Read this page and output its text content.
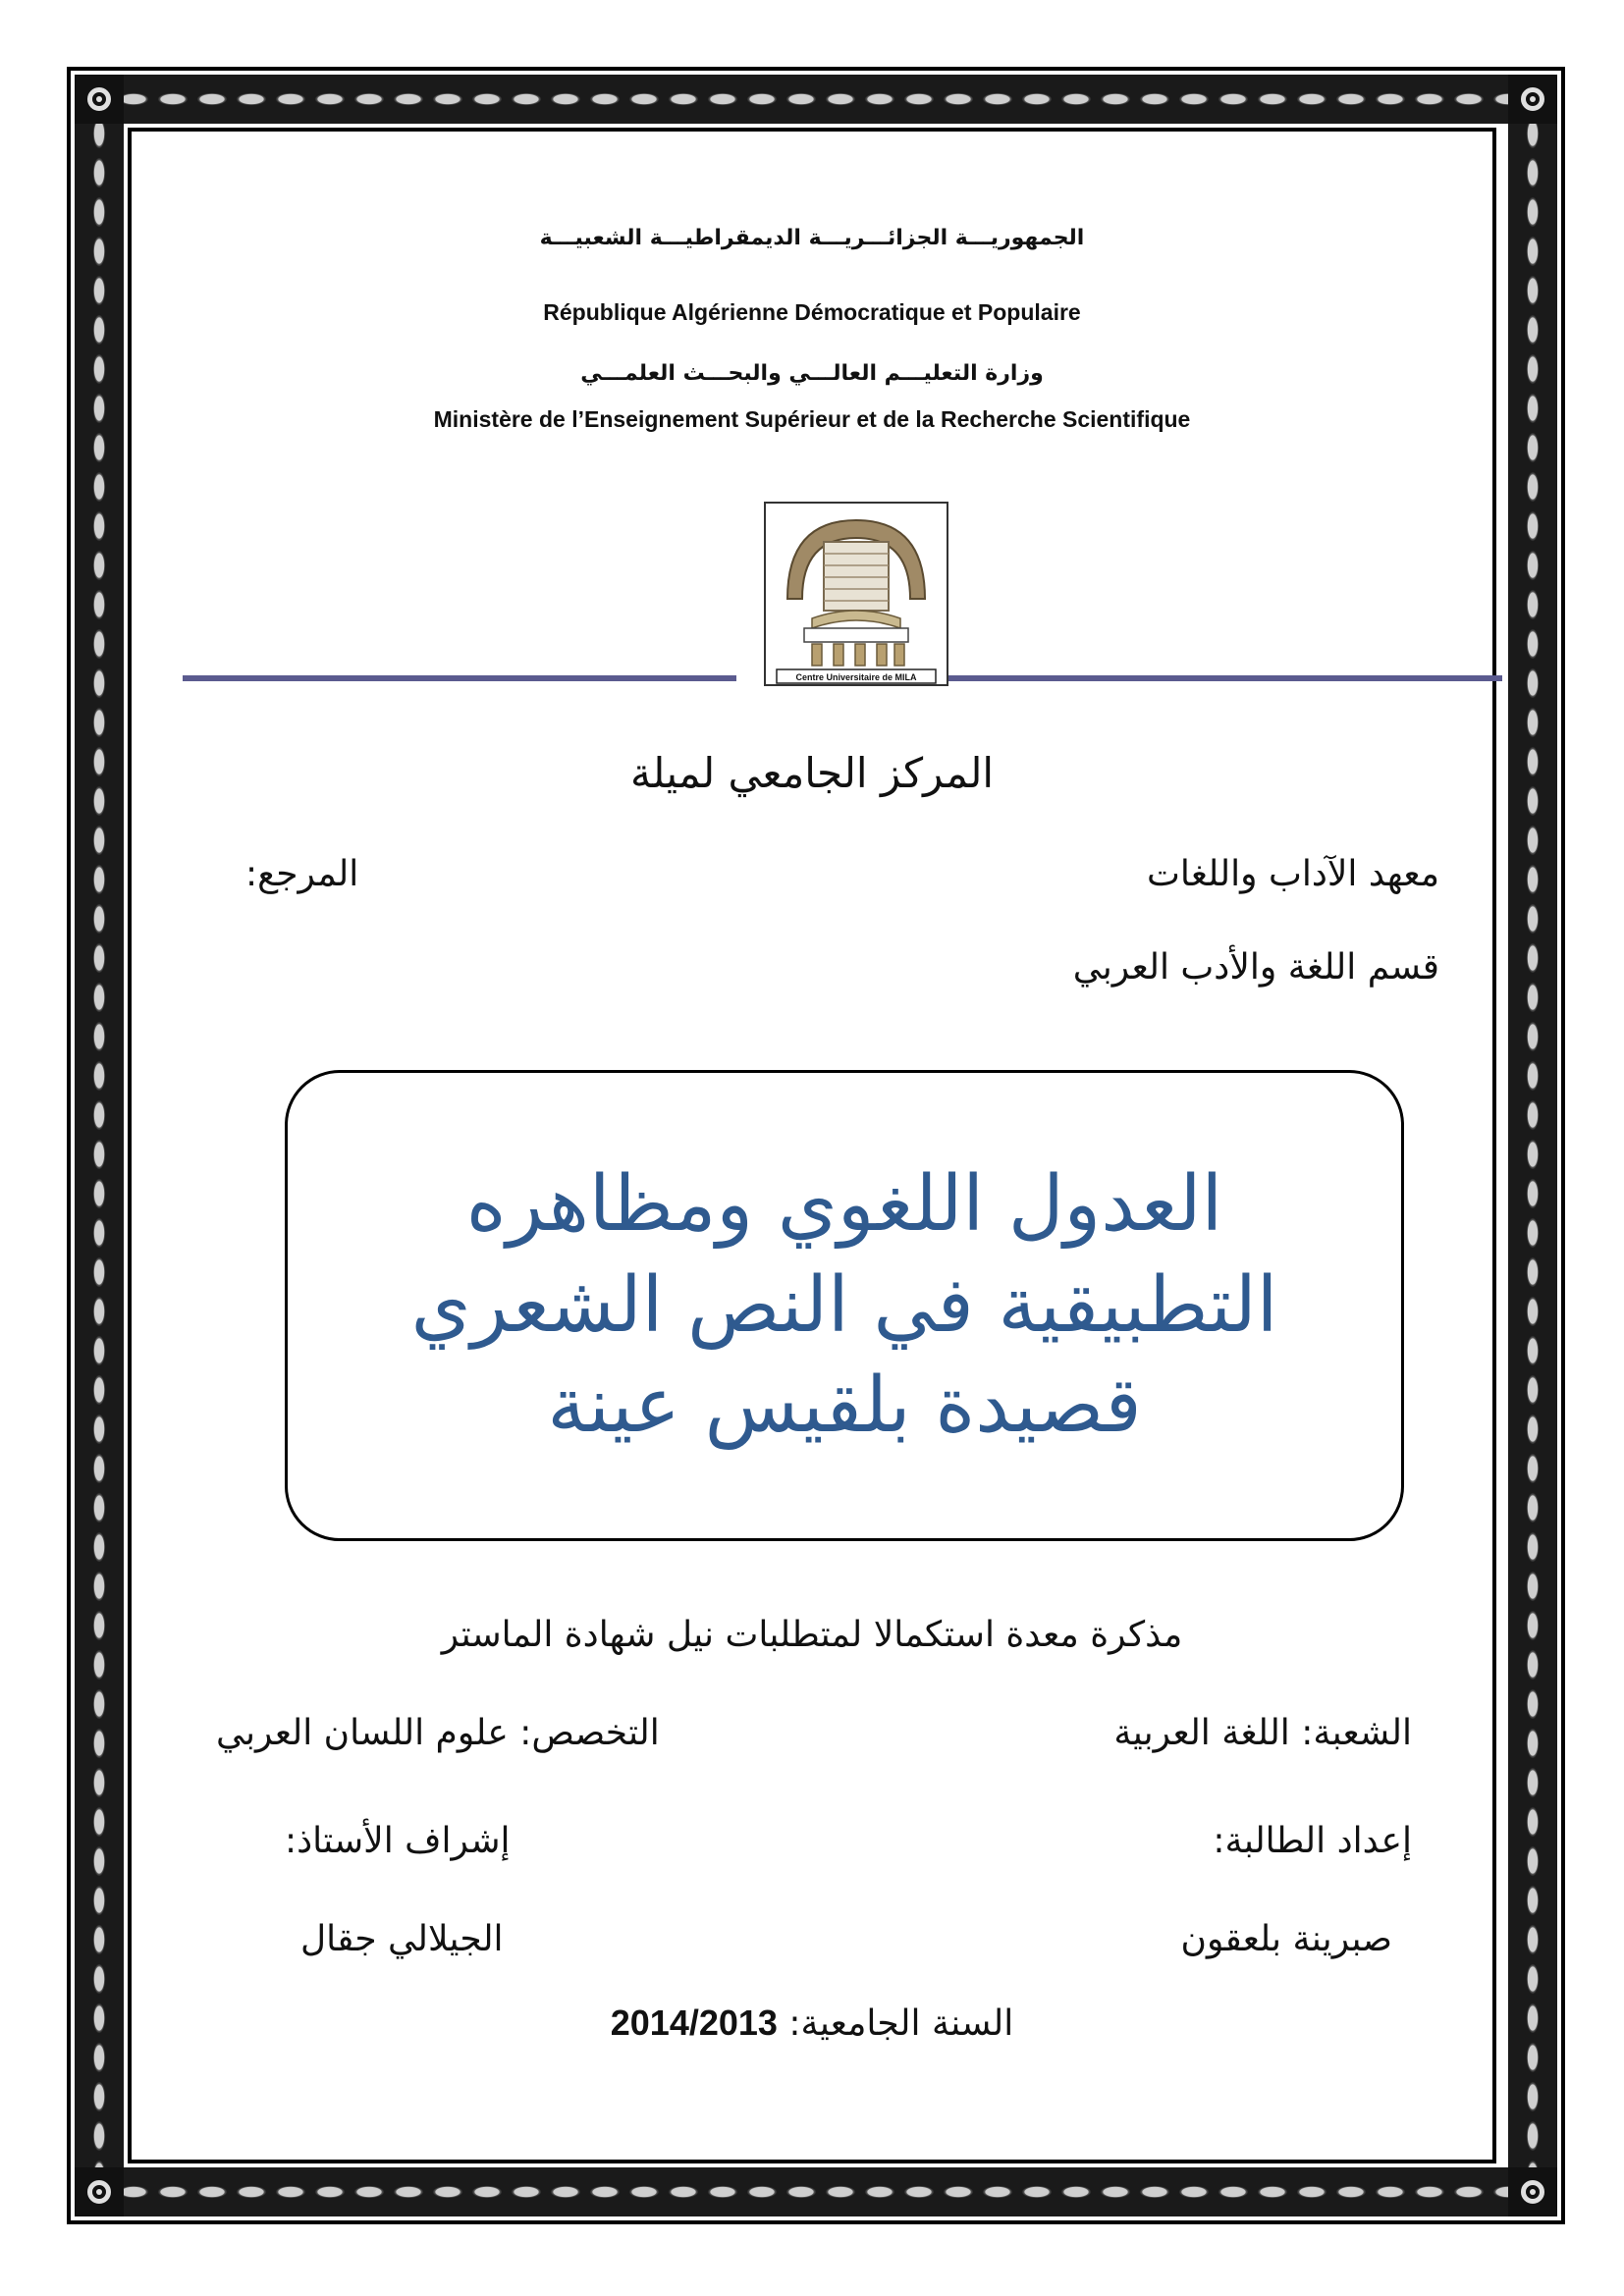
الجمهوريـــة الجزائـــريـــة الديمقراطيـــة الشعبيـــة
République Algérienne Démocratique et Populaire
وزارة التعليـــم العالـــي والبحـــث العلمـــي
Ministère de l’Enseignement Supérieur et de la Recherche Scientifique
Centre Universitaire de MILA
المركز الجامعي لميلة
معهد الآداب واللغات
المرجع:
قسم اللغة والأدب العربي
العدول اللغوي ومظاهره
التطبيقية في النص الشعري
قصيدة بلقيس عينة
مذكرة معدة استكمالا لمتطلبات نيل شهادة الماستر
الشعبة: اللغة العربية
التخصص: علوم اللسان العربي
إعداد الطالبة:
إشراف الأستاذ:
صبرينة بلعقون
الجيلالي جقال
السنة الجامعية: 2014/2013
